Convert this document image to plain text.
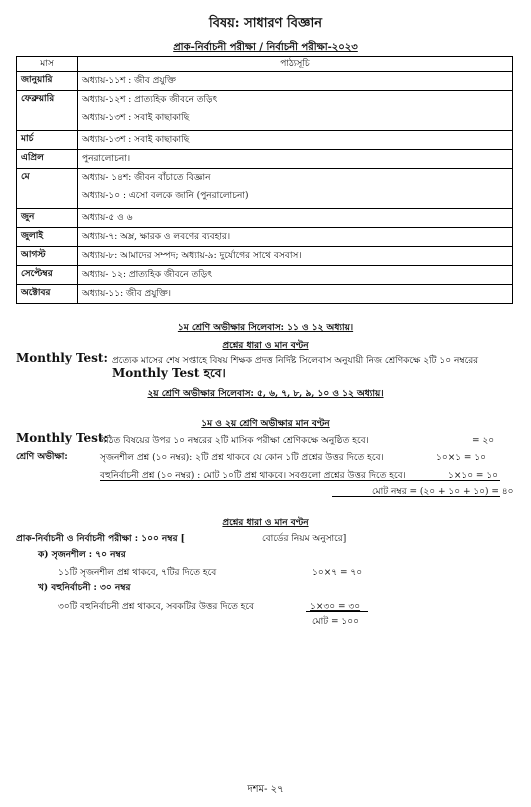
বিষয়: সাধারণ বিজ্ঞান
প্রাক-নির্বাচনী পরীক্ষা / নির্বাচনী পরীক্ষা-২০২৩
মাস	পাঠ্যসূচি
জানুয়ারি	অধ্যায়-১১শ : জীব প্রযুক্তি

ফেব্রুয়ারি	অধ্যায়-১২শ : প্রাত্যহিক জীবনে তড়িৎ
অধ্যায়-১৩শ : সবাই কাছাকাছি

মার্চ	অধ্যায়-১৩শ : সবাই কাছাকাছি

এপ্রিল	পুনরালোচনা।

মে	অধ্যায়- ১৪শ: জীবন বাঁচাতে বিজ্ঞান
অধ্যায়-১০ : এসো বলকে জানি (পুনরালোচনা)

জুন	অধ্যায়-৫ ও ৬

জুলাই	অধ্যায়-৭: অম্ল, ক্ষারক ও লবণের ব্যবহার।

আগস্ট	অধ্যায়-৮: আমাদের সম্পদ; অধ্যায়-৯: দুর্যোগের সাথে বসবাস।

সেপ্টেম্বর	অধ্যায়- ১২: প্রাত্যহিক জীবনে তড়িৎ

অক্টোবর	অধ্যায়-১১: জীব প্রযুক্তি।
১ম শ্রেণি অভীক্ষার সিলেবাস: ১১ ও ১২ অধ্যায়।
প্রশ্নের ধারা ও মান বণ্টন
Monthly Test: প্রত্যেক মাসের শেষ সপ্তাহে বিষয় শিক্ষক প্রদত্ত নির্দিষ্ট সিলেবাস অনুযায়ী নিজ শ্রেণিকক্ষে ২টি ১০ নম্বরের
Monthly Test হবে।
২য় শ্রেণি অভীক্ষার সিলেবাস: ৫, ৬, ৭, ৮, ৯, ১০ ও ১২ অধ্যায়।
১ম ও ২য় শ্রেণি অভীক্ষার মান বণ্টন
Monthly Test:
পঠিত বিষয়ের উপর ১০ নম্বরের ২টি মাসিক পরীক্ষা শ্রেণিকক্ষে অনুষ্ঠিত হবে।	= ২০
শ্রেণি অভীক্ষা:	সৃজনশীল প্রশ্ন (১০ নম্বর): ২টি প্রশ্ন থাকবে যে কোন ১টি প্রশ্নের উত্তর দিতে হবে।	১০×১ = ১০
বহুনির্বাচনী প্রশ্ন (১০ নম্বর) : মোট ১০টি প্রশ্ন থাকবে। সবগুলো প্রশ্নের উত্তর দিতে হবে।	১×১০ = ১০
মোট নম্বর = (২০ + ১০ + ১০) = ৪০
প্রশ্নের ধারা ও মান বণ্টন
প্রাক-নির্বাচনী ও নির্বাচনী পরীক্ষা : ১০০ নম্বর [	বোর্ডের নিয়ম অনুসারে]
ক) সৃজনশীল : ৭০ নম্বর
১১টি সৃজনশীল প্রশ্ন থাকবে, ৭টির দিতে হবে	১০×৭ = ৭০
খ) বহুনির্বাচনী : ৩০ নম্বর
৩০টি বহুনির্বাচনী প্রশ্ন থাকবে, সবকটির উত্তর দিতে হবে	১×৩০ = ৩০
মোট = ১০০
দশম- ২৭
